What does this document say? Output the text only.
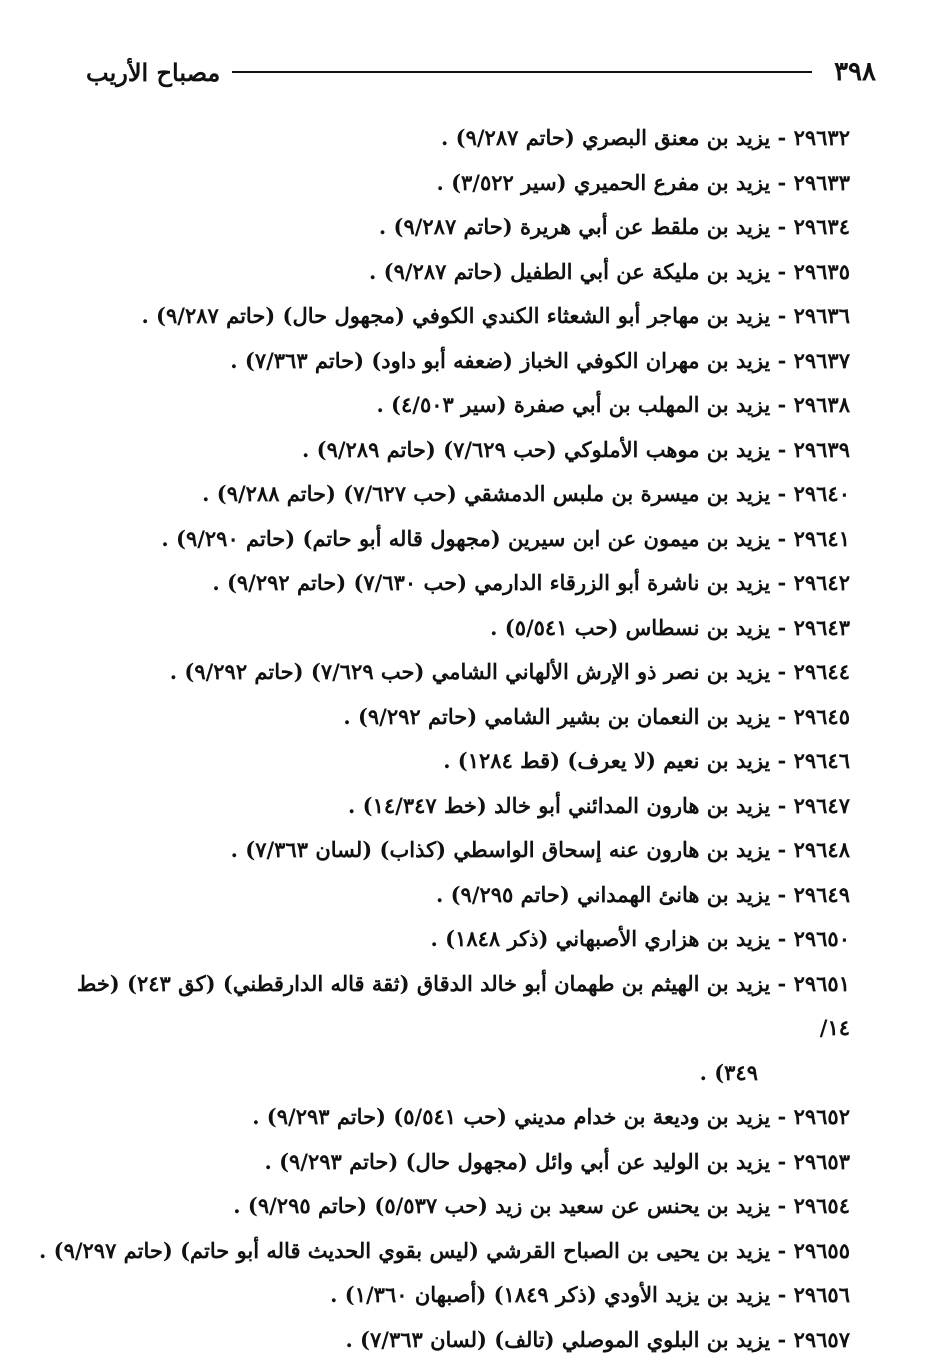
٣٩٨
مصباح الأريب
٢٩٦٣٢ - يزيد بن معنق البصري (حاتم ٩/٢٨٧) .
٢٩٦٣٣ - يزيد بن مفرع الحميري (سير ٣/٥٢٢) .
٢٩٦٣٤ - يزيد بن ملقط عن أبي هريرة (حاتم ٩/٢٨٧) .
٢٩٦٣٥ - يزيد بن مليكة عن أبي الطفيل (حاتم ٩/٢٨٧) .
٢٩٦٣٦ - يزيد بن مهاجر أبو الشعثاء الكندي الكوفي (مجهول حال) (حاتم ٩/٢٨٧) .
٢٩٦٣٧ - يزيد بن مهران الكوفي الخباز (ضعفه أبو داود) (حاتم ٧/٣٦٣) .
٢٩٦٣٨ - يزيد بن المهلب بن أبي صفرة (سير ٤/٥٠٣) .
٢٩٦٣٩ - يزيد بن موهب الأملوكي (حب ٧/٦٢٩) (حاتم ٩/٢٨٩) .
٢٩٦٤٠ - يزيد بن ميسرة بن ملبس الدمشقي (حب ٧/٦٢٧) (حاتم ٩/٢٨٨) .
٢٩٦٤١ - يزيد بن ميمون عن ابن سيرين (مجهول قاله أبو حاتم) (حاتم ٩/٢٩٠) .
٢٩٦٤٢ - يزيد بن ناشرة أبو الزرقاء الدارمي (حب ٧/٦٣٠) (حاتم ٩/٢٩٢) .
٢٩٦٤٣ - يزيد بن نسطاس (حب ٥/٥٤١) .
٢٩٦٤٤ - يزيد بن نصر ذو الإرش الألهاني الشامي (حب ٧/٦٢٩) (حاتم ٩/٢٩٢) .
٢٩٦٤٥ - يزيد بن النعمان بن بشير الشامي (حاتم ٩/٢٩٢) .
٢٩٦٤٦ - يزيد بن نعيم (لا يعرف) (قط ١٢٨٤) .
٢٩٦٤٧ - يزيد بن هارون المدائني أبو خالد (خط ١٤/٣٤٧) .
٢٩٦٤٨ - يزيد بن هارون عنه إسحاق الواسطي (كذاب) (لسان ٧/٣٦٣) .
٢٩٦٤٩ - يزيد بن هانئ الهمداني (حاتم ٩/٢٩٥) .
٢٩٦٥٠ - يزيد بن هزاري الأصبهاني (ذكر ١٨٤٨) .
٢٩٦٥١ - يزيد بن الهيثم بن طهمان أبو خالد الدقاق (ثقة قاله الدارقطني) (كق ٢٤٣) (خط ١٤/
٣٤٩) .
٢٩٦٥٢ - يزيد بن وديعة بن خدام مديني (حب ٥/٥٤١) (حاتم ٩/٢٩٣) .
٢٩٦٥٣ - يزيد بن الوليد عن أبي وائل (مجهول حال) (حاتم ٩/٢٩٣) .
٢٩٦٥٤ - يزيد بن يحنس عن سعيد بن زيد (حب ٥/٥٣٧) (حاتم ٩/٢٩٥) .
٢٩٦٥٥ - يزيد بن يحيى بن الصباح القرشي (ليس بقوي الحديث قاله أبو حاتم) (حاتم ٩/٢٩٧) .
٢٩٦٥٦ - يزيد بن يزيد الأودي (ذكر ١٨٤٩) (أصبهان ١/٣٦٠) .
٢٩٦٥٧ - يزيد بن البلوي الموصلي (تالف) (لسان ٧/٣٦٣) .
